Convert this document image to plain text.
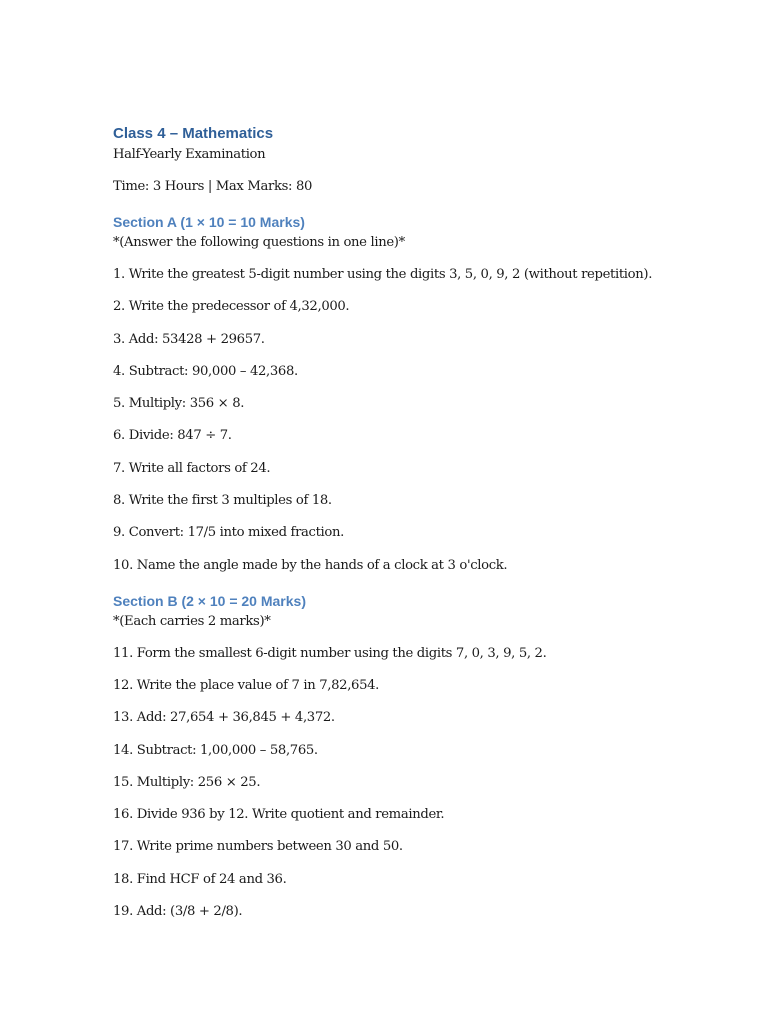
Class 4 – Mathematics

Half-Yearly Examination

Time: 3 Hours | Max Marks: 80

Section A (1 × 10 = 10 Marks)

*(Answer the following questions in one line)*

1. Write the greatest 5-digit number using the digits 3, 5, 0, 9, 2 (without repetition).

2. Write the predecessor of 4,32,000.

3. Add: 53428 + 29657.

4. Subtract: 90,000 – 42,368.

5. Multiply: 356 × 8.

6. Divide: 847 ÷ 7.

7. Write all factors of 24.

8. Write the first 3 multiples of 18.

9. Convert: 17/5 into mixed fraction.

10. Name the angle made by the hands of a clock at 3 o'clock.

Section B (2 × 10 = 20 Marks)

*(Each carries 2 marks)*

11. Form the smallest 6-digit number using the digits 7, 0, 3, 9, 5, 2.

12. Write the place value of 7 in 7,82,654.

13. Add: 27,654 + 36,845 + 4,372.

14. Subtract: 1,00,000 – 58,765.

15. Multiply: 256 × 25.

16. Divide 936 by 12. Write quotient and remainder.

17. Write prime numbers between 30 and 50.

18. Find HCF of 24 and 36.

19. Add: (3/8 + 2/8).
